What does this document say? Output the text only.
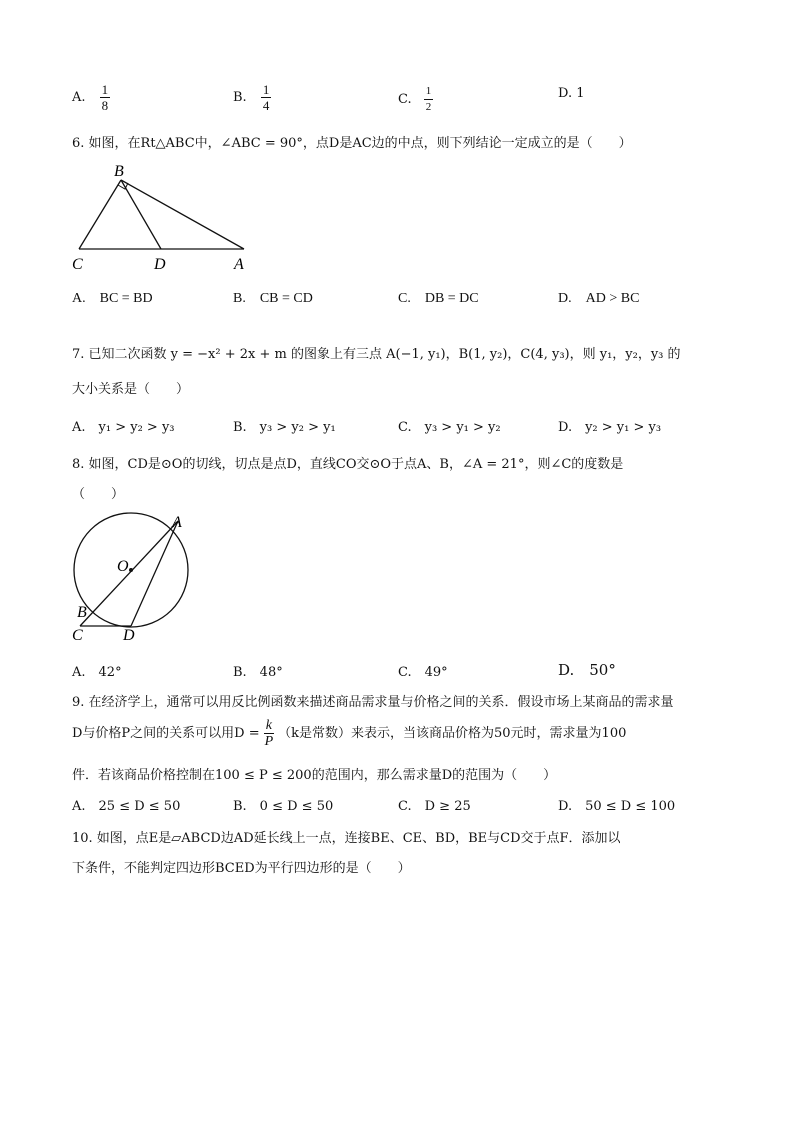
A. $\frac{1}{8}$	B. $\frac{1}{4}$	C. $\frac{1}{2}$	D. 1
6. 如图，在Rt△ABC中，∠ABC = 90°，点D是AC边的中点，则下列结论一定成立的是（　　）
B
C	D	A
A.　BC = BD	B.　CB = CD	C.　DB = DC	D.　AD > BC
7. 已知二次函数 y = −x² + 2x + m 的图象上有三点 A(−1, y₁)，B(1, y₂)，C(4, y₃)，则 y₁，y₂，y₃ 的
大小关系是（　　）
A.　y₁ > y₂ > y₃	B.　y₃ > y₂ > y₁	C.　y₃ > y₁ > y₂	D.　y₂ > y₁ > y₃
8. 如图，CD是⊙O的切线，切点是点D，直线CO交⊙O于点A、B，∠A = 21°，则∠C的度数是
（　　）
A
O
B
C	D
A.　42°	B.　48°	C.　49°	D.　50°
9. 在经济学上，通常可以用反比例函数来描述商品需求量与价格之间的关系．假设市场上某商品的需求量
D与价格P之间的关系可以用$D = \frac{k}{P} (k$是常数）来表示，当该商品价格为50元时，需求量为100
件．若该商品价格控制在100 ≤ P ≤ 200的范围内，那么需求量D的范围为（　　）
A.　25 ≤ D ≤ 50	B.　0 ≤ D ≤ 50	C.　D ≥ 25	D.　50 ≤ D ≤ 100
10. 如图，点E是▱ABCD边AD延长线上一点，连接BE、CE、BD，BE与CD交于点F．添加以
下条件，不能判定四边形BCED为平行四边形的是（　　）
